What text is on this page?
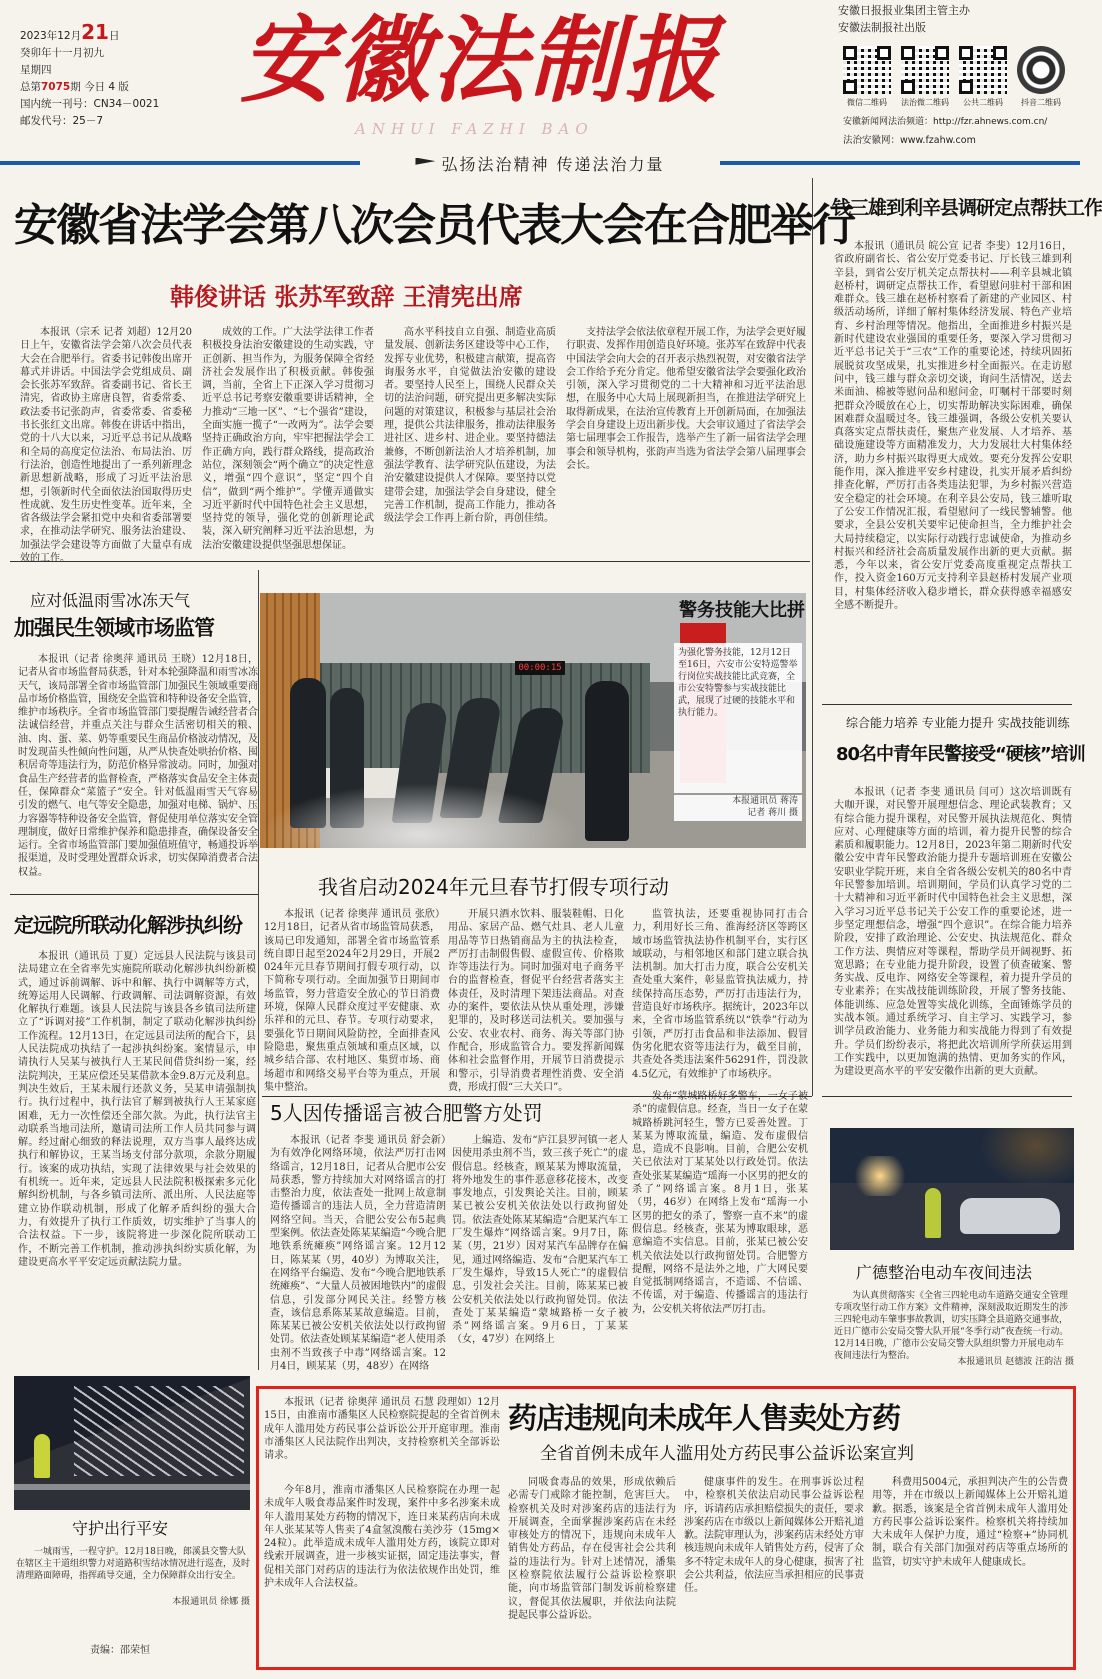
2023年12月21日
癸卯年十一月初九
星期四
总第7075期 今日 4 版
国内统一刊号：CN34－0021
邮发代号：25－7
安徽法制报
ANHUI FAZHI BAO
安徽日报报业集团主管主办
安徽法制报社出版
微信二维码	法治微二维码	公共二维码	抖音二维码
安徽新闻网法治频道：http://fzr.ahnews.com.cn/
法治安徽网：www.fzahw.com
弘扬法治精神 传递法治力量
安徽省法学会第八次会员代表大会在合肥举行
韩俊讲话 张苏军致辞 王清宪出席

本报讯（宗禾 记者 刘超）12月20日上午，安徽省法学会第八次会员代表大会在合肥举行。省委书记韩俊出席开幕式并讲话。中国法学会党组成员、副会长张苏军致辞。省委副书记、省长王清宪，省政协主席唐良智，省委常委、政法委书记张韵声，省委常委、省委秘书长张红文出席。韩俊在讲话中指出，党的十八大以来，习近平总书记从战略和全局的高度定位法治、布局法治、厉行法治，创造性地提出了一系列新理念新思想新战略，形成了习近平法治思想，引领新时代全面依法治国取得历史性成就、发生历史性变革。近年来，全省各级法学会紧扣党中央和省委部署要求，在推动法学研究、服务法治建设、加强法学会建设等方面做了大量卓有成效的工作。

成效的工作。广大法学法律工作者积极投身法治安徽建设的生动实践，守正创新、担当作为，为服务保障全省经济社会发展作出了积极贡献。韩俊强调，当前，全省上下正深入学习贯彻习近平总书记考察安徽重要讲话精神，全力推动“三地一区”、“七个强省”建设，全面实施一揽子“一改两为”。法学会要坚持正确政治方向，牢牢把握法学会工作正确方向，践行群众路线，提高政治站位，深刻领会“两个确立”的决定性意义，增强“四个意识”，坚定“四个自信”，做到“两个维护”。学懂弄通做实习近平新时代中国特色社会主义思想，坚持党的领导，强化党的创新理论武装，深入研究阐释习近平法治思想，为法治安徽建设提供坚强思想保证。

高水平科技自立自强、制造业高质量发展、创新法务区建设等中心工作，发挥专业优势，积极建言献策，提高咨询服务水平，自觉做法治安徽的建设者。要坚持人民至上，围绕人民群众关切的法治问题，研究提出更多解决实际问题的对策建议，积极参与基层社会治理，提供公共法律服务，推动法律服务进社区、进乡村、进企业。要坚持德法兼修，不断创新法治人才培养机制，加强法学教育、法学研究队伍建设，为法治安徽建设提供人才保障。要坚持以党建带会建，加强法学会自身建设，健全完善工作机制，提高工作能力，推动各级法学会工作再上新台阶，再创佳绩。

支持法学会依法依章程开展工作，为法学会更好履行职责、发挥作用创造良好环境。张苏军在致辞中代表中国法学会向大会的召开表示热烈祝贺，对安徽省法学会工作给予充分肯定。他希望安徽省法学会要强化政治引领，深入学习贯彻党的二十大精神和习近平法治思想，在服务中心大局上展现新担当，在推进法学研究上取得新成果，在法治宣传教育上开创新局面，在加强法学会自身建设上迈出新步伐。大会审议通过了省法学会第七届理事会工作报告，选举产生了新一届省法学会理事会和领导机构，张韵声当选为省法学会第八届理事会会长。

钱三雄到利辛县调研定点帮扶工作

本报讯（通讯员 皖公宣 记者 李斐）12月16日，省政府副省长、省公安厅党委书记、厅长钱三雄到利辛县，到省公安厅机关定点帮扶村——利辛县城北镇赵桥村，调研定点帮扶工作，看望慰问驻村干部和困难群众。钱三雄在赵桥村察看了新建的产业园区、村级活动场所，详细了解村集体经济发展、特色产业培育、乡村治理等情况。他指出，全面推进乡村振兴是新时代建设农业强国的重要任务，要深入学习贯彻习近平总书记关于“三农”工作的重要论述，持续巩固拓展脱贫攻坚成果，扎实推进乡村全面振兴。在走访慰问中，钱三雄与群众亲切交谈，询问生活情况，送去米面油、棉被等慰问品和慰问金，叮嘱村干部要时刻把群众冷暖放在心上，切实帮助解决实际困难，确保困难群众温暖过冬。钱三雄强调，各级公安机关要认真落实定点帮扶责任，聚焦产业发展、人才培养、基础设施建设等方面精准发力，大力发展壮大村集体经济，助力乡村振兴取得更大成效。要充分发挥公安职能作用，深入推进平安乡村建设，扎实开展矛盾纠纷排查化解，严厉打击各类违法犯罪，为乡村振兴营造安全稳定的社会环境。在利辛县公安局，钱三雄听取了公安工作情况汇报，看望慰问了一线民警辅警。他要求，全县公安机关要牢记使命担当，全力维护社会大局持续稳定，以实际行动践行忠诚使命，为推动乡村振兴和经济社会高质量发展作出新的更大贡献。据悉，今年以来，省公安厅党委高度重视定点帮扶工作，投入资金160万元支持利辛县赵桥村发展产业项目，村集体经济收入稳步增长，群众获得感幸福感安全感不断提升。

应对低温雨雪冰冻天气
加强民生领域市场监管

本报讯（记者 徐奥萍 通讯员 王晓）12月18日，记者从省市场监督局获悉，针对本轮强降温和雨雪冰冻天气，该局部署全省市场监管部门加强民生领域重要商品市场价格监管，围绕安全监管和特种设备安全监管，维护市场秩序。全省市场监管部门要提醒告诫经营者合法诚信经营，并重点关注与群众生活密切相关的粮、油、肉、蛋、菜、奶等重要民生商品价格波动情况，及时发现苗头性倾向性问题，从严从快查处哄抬价格、囤积居奇等违法行为，防范价格异常波动。同时，加强对食品生产经营者的监督检查，严格落实食品安全主体责任，保障群众“菜篮子”安全。针对低温雨雪天气容易引发的燃气、电气等安全隐患，加强对电梯、锅炉、压力容器等特种设备安全监管，督促使用单位落实安全管理制度，做好日常维护保养和隐患排查，确保设备安全运行。全省市场监管部门要加强值班值守，畅通投诉举报渠道，及时受理处置群众诉求，切实保障消费者合法权益。

00:00:15
警务技能大比拼
为强化警务技能，12月12日至16日，六安市公安特巡警举行岗位实战技能比武竞赛，全市公安特警参与实战技能比武，展现了过硬的技能水平和执行能力。
本报通讯员 蒋涛
记者 蒋川 摄
我省启动2024年元旦春节打假专项行动

本报讯（记者 徐奥萍 通讯员 张欣）12月18日，记者从省市场监管局获悉，该局已印发通知，部署全省市场监管系统自即日起至2024年2月29日，开展2024年元旦春节期间打假专项行动，以下简称专项行动。全面加强节日期间市场监管，努力营造安全放心的节日消费环境，保障人民群众度过平安健康、欢乐祥和的元旦、春节。专项行动要求，要强化节日期间风险防控，全面排查风险隐患，聚焦重点领域和重点区域，以城乡结合部、农村地区、集贸市场、商场超市和网络交易平台等为重点，开展集中整治。

开展只酒水饮料、服装鞋帽、日化用品、家居产品、燃气灶具、老人儿童用品等节日热销商品为主的执法检查，严厉打击制假售假、虚假宣传、价格欺诈等违法行为。同时加强对电子商务平台的监督检查，督促平台经营者落实主体责任，及时清理下架违法商品。对查办的案件，要依法从快从重处理，涉嫌犯罪的，及时移送司法机关。要加强与公安、农业农村、商务、海关等部门协作配合，形成监管合力。要发挥新闻媒体和社会监督作用，开展节日消费提示和警示，引导消费者理性消费、安全消费，形成打假“三大关口”。

监管执法，还要重视协同打击合力，利用好长三角、淮海经济区等跨区域市场监管执法协作机制平台，实行区域联动，与相邻地区和部门建立联合执法机制。加大打击力度，联合公安机关查处重大案件，彰显监管执法威力，持续保持高压态势，严厉打击违法行为，营造良好市场秩序。据统计，2023年以来，全省市场监管系统以“铁拳”行动为引领，严厉打击食品和非法添加、假冒伪劣化肥农资等违法行为，截至目前，共查处各类违法案件56291件，罚没款4.5亿元，有效维护了市场秩序。

定远院所联动化解涉执纠纷

本报讯（通讯员 丁夏）定远县人民法院与该县司法局建立在全省率先实施院所联动化解涉执纠纷新模式，通过诉前调解、诉中和解、执行中调解等方式，统筹运用人民调解、行政调解、司法调解资源，有效化解执行难题。该县人民法院与该县各乡镇司法所建立了“诉调对接”工作机制，制定了联动化解涉执纠纷工作流程。12月13日，在定远县司法所的配合下，县人民法院成功执结了一起涉执纠纷案。案情显示，申请执行人吴某与被执行人王某民间借贷纠纷一案，经法院判决，王某应偿还吴某借款本金9.8万元及利息。判决生效后，王某未履行还款义务，吴某申请强制执行。执行过程中，执行法官了解到被执行人王某家庭困难，无力一次性偿还全部欠款。为此，执行法官主动联系当地司法所，邀请司法所工作人员共同参与调解。经过耐心细致的释法说理，双方当事人最终达成执行和解协议，王某当场支付部分款项，余款分期履行。该案的成功执结，实现了法律效果与社会效果的有机统一。近年来，定远县人民法院积极探索多元化解纠纷机制，与各乡镇司法所、派出所、人民法庭等建立协作联动机制，形成了化解矛盾纠纷的强大合力，有效提升了执行工作质效，切实维护了当事人的合法权益。下一步，该院将进一步深化院所联动工作，不断完善工作机制，推动涉执纠纷实质化解，为建设更高水平平安定远贡献法院力量。

5人因传播谣言被合肥警方处罚

本报讯（记者 李斐 通讯员 舒会新）为有效净化网络环境，依法严厉打击网络谣言，12月18日，记者从合肥市公安局获悉，警方持续加大对网络谣言的打击整治力度，依法查处一批网上故意制造传播谣言的违法人员，全力营造清朗网络空间。当天，合肥公安公布5起典型案例。依法查处陈某某编造“今晚合肥地铁系统瘫痪”网络谣言案。12月12日，陈某某（男，40岁）为博取关注，在网络平台编造、发布“今晚合肥地铁系统瘫痪”、“大量人员被困地铁内”的虚假信息，引发部分网民关注。经警方核查，该信息系陈某某故意编造。目前，陈某某已被公安机关依法处以行政拘留处罚。依法查处顾某某编造“老人使用杀虫剂不当致孩子中毒”网络谣言案。12月4日，顾某某（男，48岁）在网络

上编造、发布“庐江县罗河镇一老人因使用杀虫剂不当，致三孩子死亡”的虚假信息。经核查，顾某某为博取流量，将外地发生的事件恶意移花接木，改变事发地点，引发舆论关注。目前，顾某某已被公安机关依法处以行政拘留处罚。依法查处陈某某编造“合肥某汽车工厂发生爆炸”网络谣言案。9月7日，陈某（男，21岁）因对某汽车品牌存在偏见，通过网络编造、发布“合肥某汽车工厂发生爆炸，导致15人死亡”的虚假信息，引发社会关注。目前，陈某某已被公安机关依法处以行政拘留处罚。依法查处丁某某编造“蒙城路桥一女子被杀”网络谣言案。9月6日，丁某某（女，47岁）在网络上

发布“蒙城路桥好多警车，一女子被杀”的虚假信息。经查，当日一女子在蒙城路桥跳河轻生，警方已妥善处置。丁某某为博取流量，编造、发布虚假信息，造成不良影响。目前，合肥公安机关已依法对丁某某处以行政处罚。依法查处张某某编造“瑶海一小区男的把女的杀了”网络谣言案。8月1日，张某（男，46岁）在网络上发布“瑶海一小区男的把女的杀了，警察一直不来”的虚假信息。经核查，张某为博取眼球，恶意编造不实信息。目前，张某已被公安机关依法处以行政拘留处罚。合肥警方提醒，网络不是法外之地，广大网民要自觉抵制网络谣言，不造谣、不信谣、不传谣，对于编造、传播谣言的违法行为，公安机关将依法严厉打击。

综合能力培养 专业能力提升 实战技能训练
80名中青年民警接受“硬核”培训

本报讯（记者 李斐 通讯员 闫可）这次培训既有大咖开课，对民警开展理想信念、理论武装教育；又有综合能力提升课程，对民警开展执法规范化、舆情应对、心理健康等方面的培训，着力提升民警的综合素质和履职能力。12月8日，2023年第二期新时代安徽公安中青年民警政治能力提升专题培训班在安徽公安职业学院开班，来自全省各级公安机关的80名中青年民警参加培训。培训期间，学员们认真学习党的二十大精神和习近平新时代中国特色社会主义思想，深入学习习近平总书记关于公安工作的重要论述，进一步坚定理想信念，增强“四个意识”。在综合能力培养阶段，安排了政治理论、公安史、执法规范化、群众工作方法、舆情应对等课程，帮助学员开阔视野、拓宽思路；在专业能力提升阶段，设置了侦查破案、警务实战、反电诈、网络安全等课程，着力提升学员的专业素养；在实战技能训练阶段，开展了警务技能、体能训练、应急处置等实战化训练，全面锤炼学员的实战本领。通过系统学习、自主学习、实践学习，参训学员政治能力、业务能力和实战能力得到了有效提升。学员们纷纷表示，将把此次培训所学所获运用到工作实践中，以更加饱满的热情、更加务实的作风，为建设更高水平的平安安徽作出新的更大贡献。

广德整治电动车夜间违法
为认真贯彻落实《全省三四轮电动车道路交通安全管理专项攻坚行动工作方案》文件精神，深刻汲取近期发生的涉三四轮电动车肇事事故教训，切实压降全县道路交通事故，近日广德市公安局交警大队开展“冬季行动”夜查统一行动。12月14日晚，广德市公安局交警大队组织警力开展电动车夜间违法行为整治。
本报通讯员 赵德波 汪韵洁 摄
守护出行平安
一城雨雪，一程守护。12月18日晚，郎溪县交警大队在辖区主干道组织警力对道路积雪结冰情况进行巡查，及时清理路面障碍，指挥疏导交通，全力保障群众出行安全。
本报通讯员 徐娜 摄
责编：邵荣恒
药店违规向未成年人售卖处方药
全省首例未成年人滥用处方药民事公益诉讼案宣判

本报讯（记者 徐奥萍 通讯员 石慧 段理如）12月15日，由淮南市潘集区人民检察院提起的全省首例未成年人滥用处方药民事公益诉讼公开开庭审理。淮南市潘集区人民法院作出判决，支持检察机关全部诉讼请求。

今年8月，淮南市潘集区人民检察院在办理一起未成年人吸食毒品案件时发现，案件中多名涉案未成年人滥用某处方药物的情况下，连日来某药店向未成年人张某某等人售卖了4盒氢溴酸右美沙芬（15mg×24粒）。此举造成未成年人滥用处方药，该院立即对线索开展调查，进一步核实证据，固定违法事实，督促相关部门对药店的违法行为依法依规作出处罚，维护未成年人合法权益。

同吸食毒品的效果，形成依赖后必需专门戒除才能控制，危害巨大。检察机关及时对涉案药店的违法行为开展调查，全面掌握涉案药店在未经审核处方的情况下，违规向未成年人销售处方药品，存在侵害社会公共利益的违法行为。针对上述情况，潘集区检察院依法履行公益诉讼检察职能，向市场监管部门制发诉前检察建议，督促其依法履职，并依法向法院提起民事公益诉讼。

健康事件的发生。在刑事诉讼过程中，检察机关依法启动民事公益诉讼程序，诉请药店承担赔偿损失的责任，要求涉案药店在市级以上新闻媒体公开赔礼道歉。法院审理认为，涉案药店未经处方审核违规向未成年人销售处方药，侵害了众多不特定未成年人的身心健康，损害了社会公共利益，依法应当承担相应的民事责任。

科费用5004元，承担判决产生的公告费用等，并在市级以上新闻媒体上公开赔礼道歉。据悉，该案是全省首例未成年人滥用处方药民事公益诉讼案件。检察机关将持续加大未成年人保护力度，通过“检察+”协同机制，联合有关部门加强对药店等重点场所的监管，切实守护未成年人健康成长。
